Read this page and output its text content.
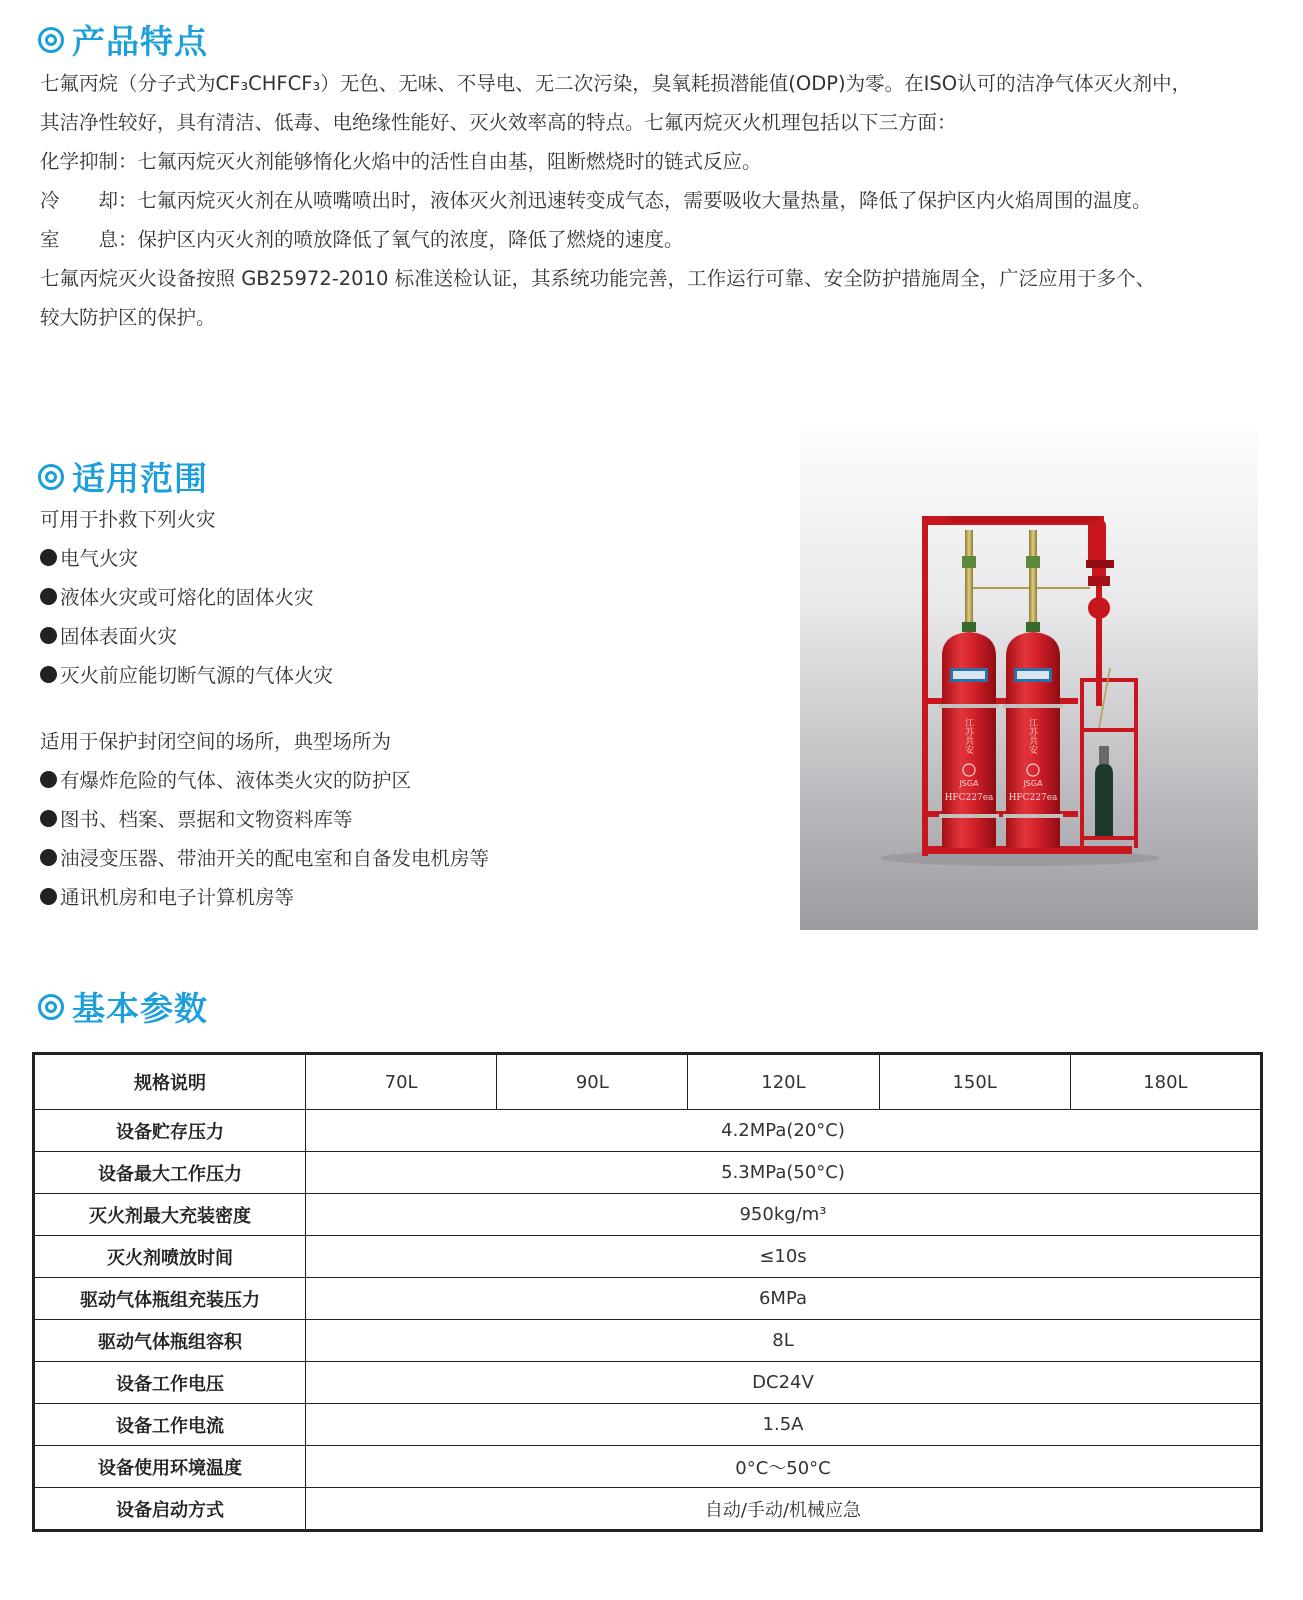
产品特点

七氟丙烷（分子式为CF₃CHFCF₃）无色、无味、不导电、无二次污染，臭氧耗损潜能值(ODP)为零。在ISO认可的洁净气体灭火剂中，

其洁净性较好，具有清洁、低毒、电绝缘性能好、灭火效率高的特点。七氟丙烷灭火机理包括以下三方面：

化学抑制：七氟丙烷灭火剂能够惰化火焰中的活性自由基，阻断燃烧时的链式反应。

冷　　却：七氟丙烷灭火剂在从喷嘴喷出时，液体灭火剂迅速转变成气态，需要吸收大量热量，降低了保护区内火焰周围的温度。

室　　息：保护区内灭火剂的喷放降低了氧气的浓度，降低了燃烧的速度。

七氟丙烷灭火设备按照 GB25972-2010 标准送检认证，其系统功能完善，工作运行可靠、安全防护措施周全，广泛应用于多个、

较大防护区的保护。

适用范围

可用于扑救下列火灾

电气火灾

液体火灾或可熔化的固体火灾

固体表面火灾

灭火前应能切断气源的气体火灾

适用于保护封闭空间的场所，典型场所为

有爆炸危险的气体、液体类火灾的防护区

图书、档案、票据和文物资料库等

油浸变压器、带油开关的配电室和自备发电机房等

通讯机房和电子计算机房等

江苏共安	江苏共安
JSGA	JSGA
HFC227ea HFC227ea
基本参数
规格说明	70L	90L	120L	150L	180L
设备贮存压力	4.2MPa(20°C)				
设备最大工作压力	5.3MPa(50°C)				
灭火剂最大充装密度	950kg/m³				
灭火剂喷放时间	≤10s				
驱动气体瓶组充装压力	6MPa				
驱动气体瓶组容积	8L				
设备工作电压	DC24V				
设备工作电流	1.5A				
设备使用环境温度	0°C～50°C				
设备启动方式	自动/手动/机械应急				
